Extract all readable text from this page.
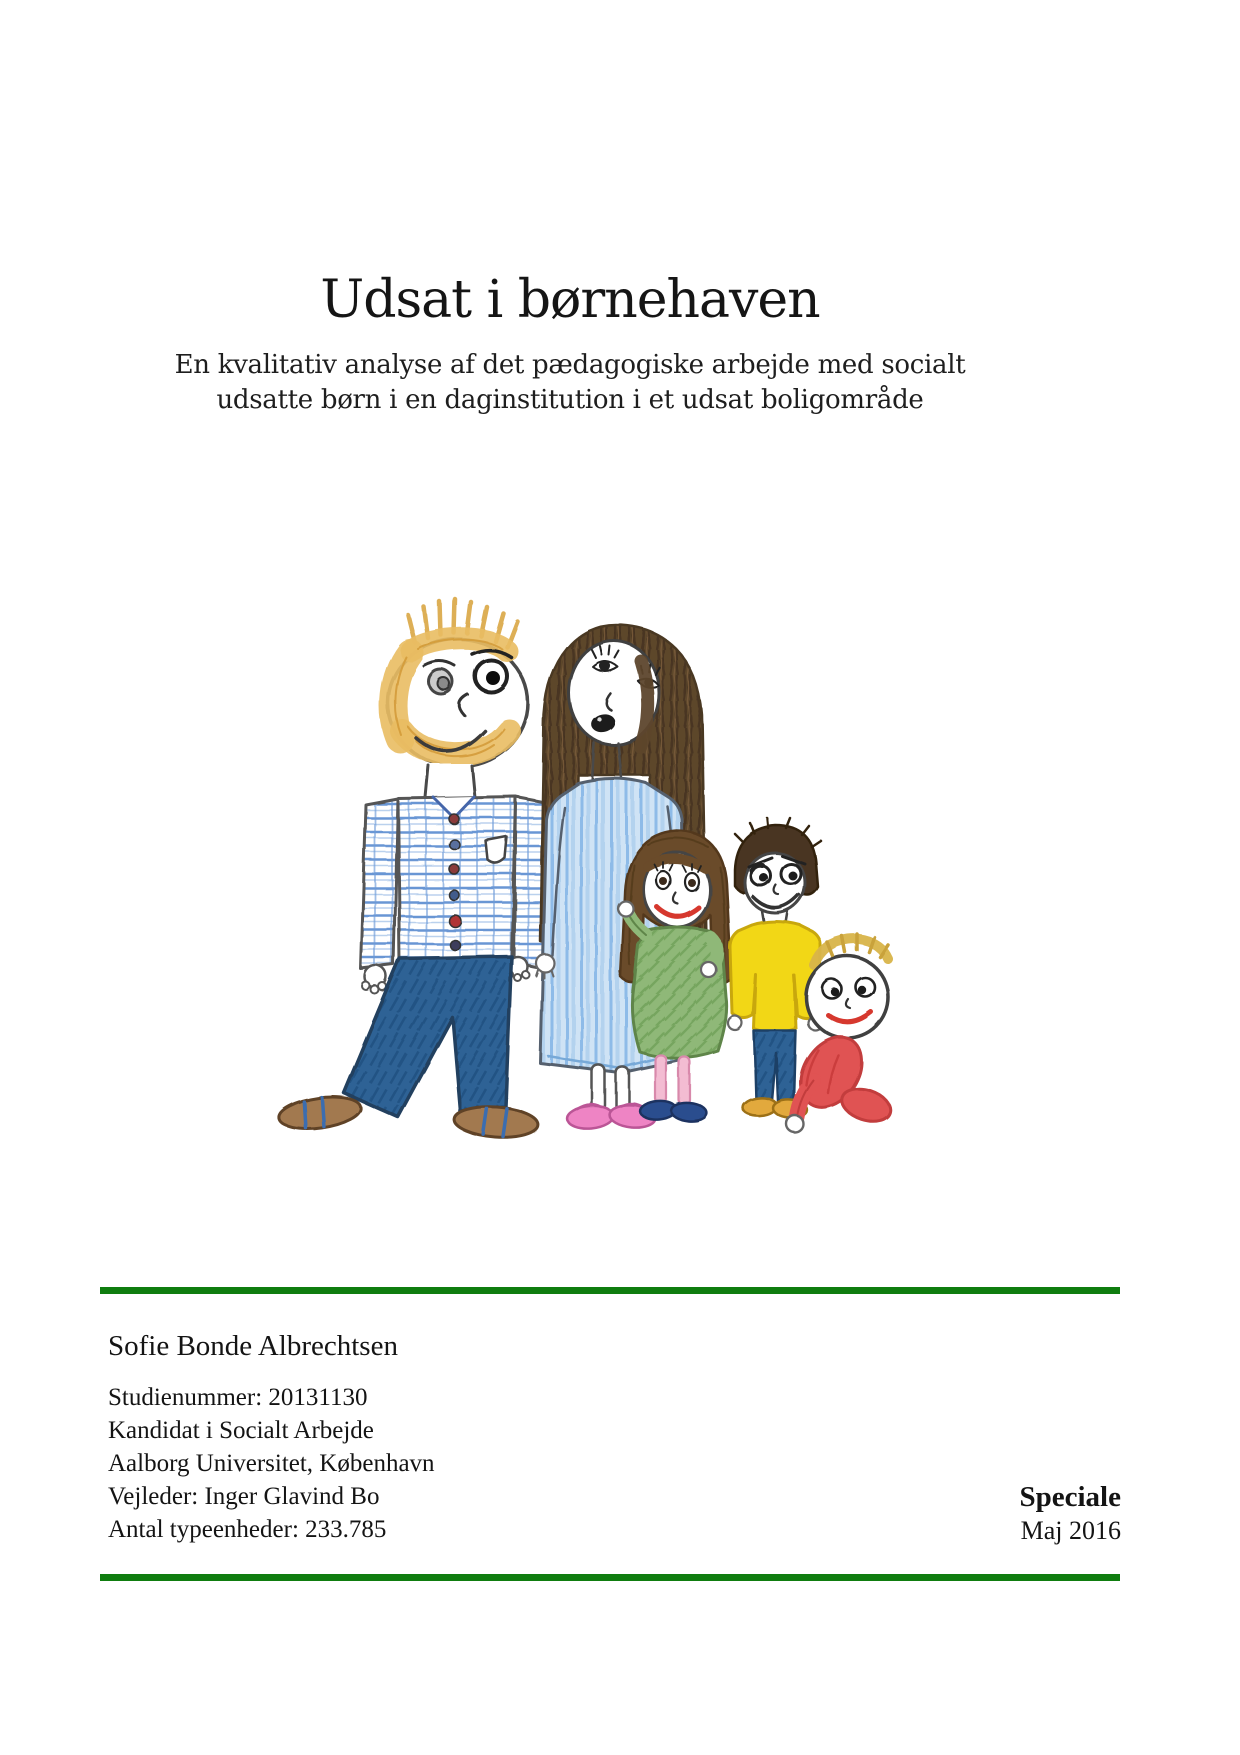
Udsat i børnehaven
En kvalitativ analyse af det pædagogiske arbejde med socialt
udsatte børn i en daginstitution i et udsat boligområde
Sofie Bonde Albrechtsen
Studienummer: 20131130
Kandidat i Socialt Arbejde
Aalborg Universitet, København
Vejleder: Inger Glavind Bo
Antal typeenheder: 233.785
Speciale
Maj 2016
